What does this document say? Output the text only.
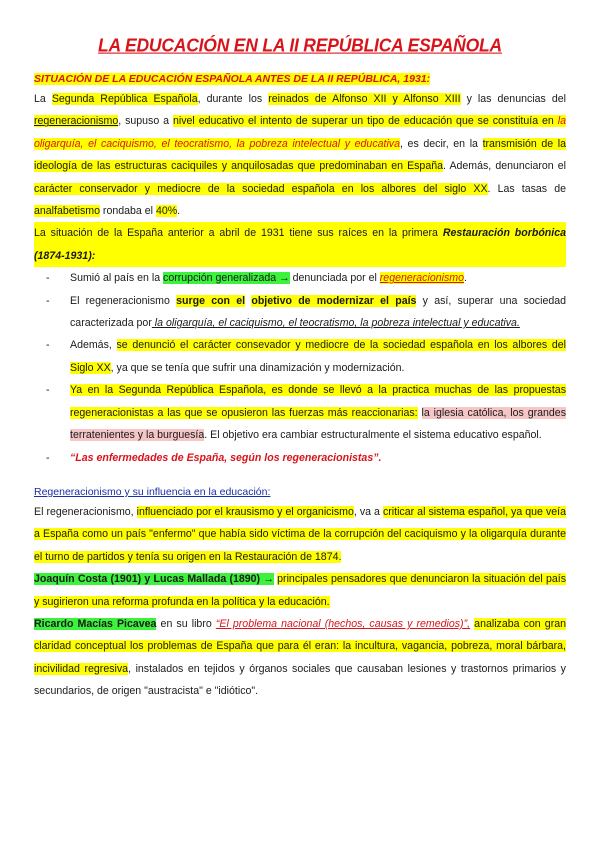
LA EDUCACIÓN EN LA II REPÚBLICA ESPAÑOLA
SITUACIÓN DE LA EDUCACIÓN ESPAÑOLA ANTES DE LA II REPÚBLICA, 1931:

La Segunda República Española, durante los reinados de Alfonso XII y Alfonso XIII y las denuncias del regeneracionismo, supuso a nivel educativo el intento de superar un tipo de educación que se constituía en la oligarquía, el caciquismo, el teocratismo, la pobreza intelectual y educativa, es decir, en la transmisión de la ideología de las estructuras caciquiles y anquilosadas que predominaban en España. Además, denunciaron el carácter conservador y mediocre de la sociedad española en los albores del siglo XX. Las tasas de analfabetismo rondaba el 40%.

La situación de la España anterior a abril de 1931 tiene sus raíces en la primera Restauración borbónica (1874-1931):

- Sumió al país en la corrupción generalizada → denunciada por el regeneracionismo.
- El regeneracionismo surge con el objetivo de modernizar el país y así, superar una sociedad caracterizada por la oligarquía, el caciquismo, el teocratismo, la pobreza intelectual y educativa.
- Además, se denunció el carácter consevador y mediocre de la sociedad española en los albores del Siglo XX, ya que se tenía que sufrir una dinamización y modernización.
- Ya en la Segunda República Española, es donde se llevó a la practica muchas de las propuestas regeneracionistas a las que se opusieron las fuerzas más reaccionarias: la iglesia católica, los grandes terratenientes y la burguesía. El objetivo era cambiar estructuralmente el sistema educativo español.
- “Las enfermedades de España, según los regeneracionistas”.
Regeneracionismo y su influencia en la educación:

El regeneracionismo, influenciado por el krausismo y el organicismo, va a criticar al sistema español, ya que veía a España como un país "enfermo" que había sido víctima de la corrupción del caciquismo y la oligarquía durante el turno de partidos y tenía su origen en la Restauración de 1874.

Joaquín Costa (1901) y Lucas Mallada (1890) → principales pensadores que denunciaron la situación del país y sugirieron una reforma profunda en la política y la educación.

Ricardo Macías Picavea en su libro “El problema nacional (hechos, causas y remedios)”, analizaba con gran claridad conceptual los problemas de España que para él eran: la incultura, vagancia, pobreza, moral bárbara, incivilidad regresiva, instalados en tejidos y órganos sociales que causaban lesiones y trastornos primarios y secundarios, de origen "austracista" e "idiótico".
